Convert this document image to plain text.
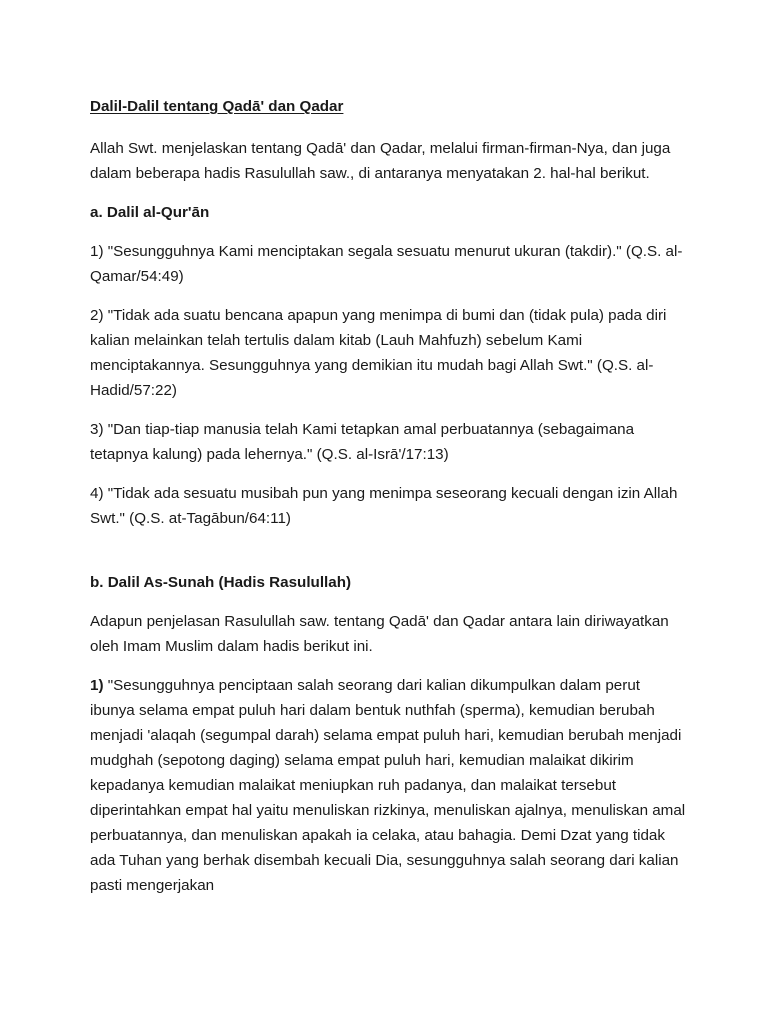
Dalil-Dalil tentang Qadā' dan Qadar

Allah Swt. menjelaskan tentang Qadā' dan Qadar, melalui firman-firman-Nya, dan juga dalam beberapa hadis Rasulullah saw., di antaranya menyatakan 2. hal-hal berikut.

a. Dalil al-Qur'ān

1) "Sesungguhnya Kami menciptakan segala sesuatu menurut ukuran (takdir)." (Q.S. al-Qamar/54:49)

2) "Tidak ada suatu bencana apapun yang menimpa di bumi dan (tidak pula) pada diri kalian melainkan telah tertulis dalam kitab (Lauh Mahfuzh) sebelum Kami menciptakannya. Sesungguhnya yang demikian itu mudah bagi Allah Swt." (Q.S. al-Hadid/57:22)

3) "Dan tiap-tiap manusia telah Kami tetapkan amal perbuatannya (sebagaimana tetapnya kalung) pada lehernya." (Q.S. al-Isrā'/17:13)

4) "Tidak ada sesuatu musibah pun yang menimpa seseorang kecuali dengan izin Allah Swt." (Q.S. at-Tagābun/64:11)

b. Dalil As-Sunah (Hadis Rasulullah)

Adapun penjelasan Rasulullah saw. tentang Qadā' dan Qadar antara lain diriwayatkan oleh Imam Muslim dalam hadis berikut ini.

1) "Sesungguhnya penciptaan salah seorang dari kalian dikumpulkan dalam perut ibunya selama empat puluh hari dalam bentuk nuthfah (sperma), kemudian berubah menjadi 'alaqah (segumpal darah) selama empat puluh hari, kemudian berubah menjadi mudghah (sepotong daging) selama empat puluh hari, kemudian malaikat dikirim kepadanya kemudian malaikat meniupkan ruh padanya, dan malaikat tersebut diperintahkan empat hal yaitu menuliskan rizkinya, menuliskan ajalnya, menuliskan amal perbuatannya, dan menuliskan apakah ia celaka, atau bahagia. Demi Dzat yang tidak ada Tuhan yang berhak disembah kecuali Dia, sesungguhnya salah seorang dari kalian pasti mengerjakan
